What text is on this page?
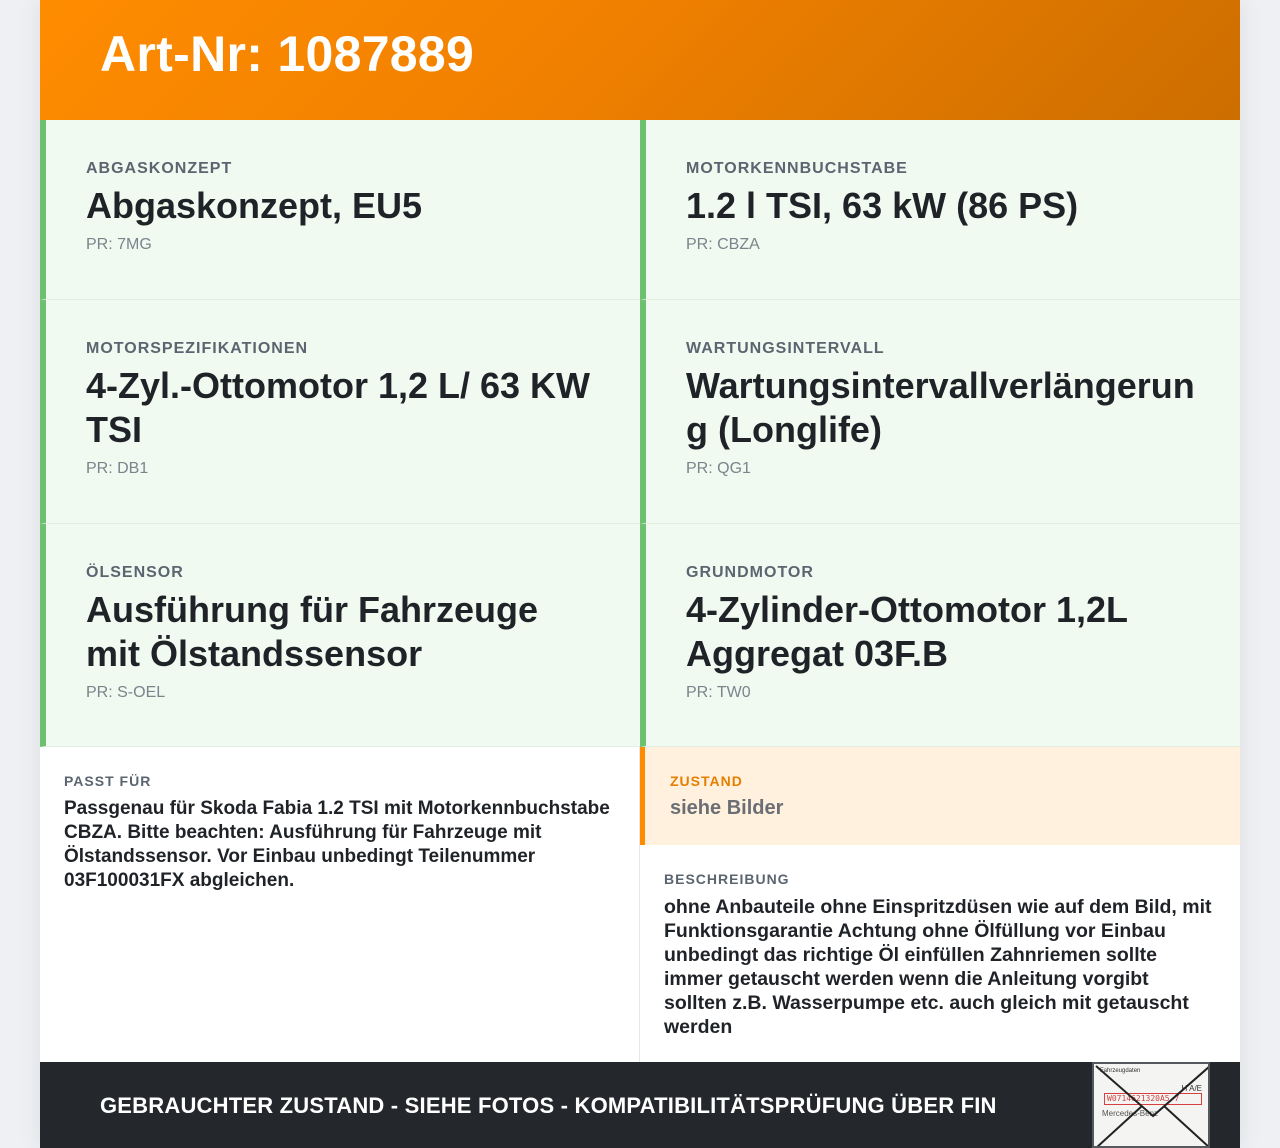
Art-Nr: 1087889
ABGASKONZEPT
Abgaskonzept, EU5
PR: 7MG
MOTORKENNBUCHSTABE
1.2 l TSI, 63 kW (86 PS)
PR: CBZA
MOTORSPEZIFIKATIONEN
4-Zyl.-Ottomotor 1,2 L/ 63 KW TSI
PR: DB1
WARTUNGSINTERVALL
Wartungsintervallverlängerung (Longlife)
PR: QG1
ÖLSENSOR
Ausführung für Fahrzeuge mit Ölstandssensor
PR: S-OEL
GRUNDMOTOR
4-Zylinder-Ottomotor 1,2L Aggregat 03F.B
PR: TW0
PASST FÜR
Passgenau für Skoda Fabia 1.2 TSI mit Motorkennbuchstabe CBZA. Bitte beachten: Ausführung für Fahrzeuge mit Ölstandssensor. Vor Einbau unbedingt Teilenummer 03F100031FX abgleichen.
ZUSTAND
siehe Bilder
BESCHREIBUNG
ohne Anbauteile ohne Einspritzdüsen wie auf dem Bild, mit Funktionsgarantie Achtung ohne Ölfüllung vor Einbau unbedingt das richtige Öl einfüllen Zahnriemen sollte immer getauscht werden wenn die Anleitung vorgibt sollten z.B. Wasserpumpe etc. auch gleich mit getauscht werden
GEBRAUCHTER ZUSTAND - SIEHE FOTOS - KOMPATIBILITÄTSPRÜFUNG ÜBER FIN
Fahrzeugdaten
H A/E
W0714621320A5 7
Mercedes-Benz
